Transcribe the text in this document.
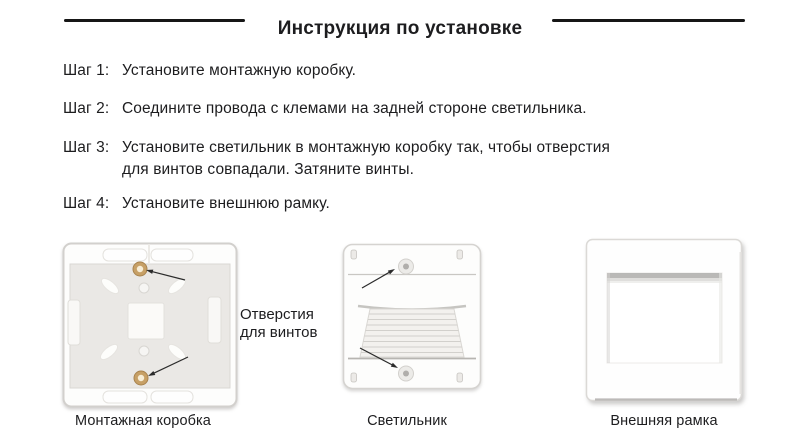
Инструкция по установке
Шаг 1: Установите монтажную коробку.
Шаг 2: Соедините провода с клемами на задней стороне светильника.
Шаг 3: Установите светильник в монтажную коробку так, чтобы отверстия
для винтов совпадали. Затяните винты.
Шаг 4: Установите внешнюю рамку.
Монтажная коробка
Отверстия
для винтов
Светильник	Внешняя рамка
